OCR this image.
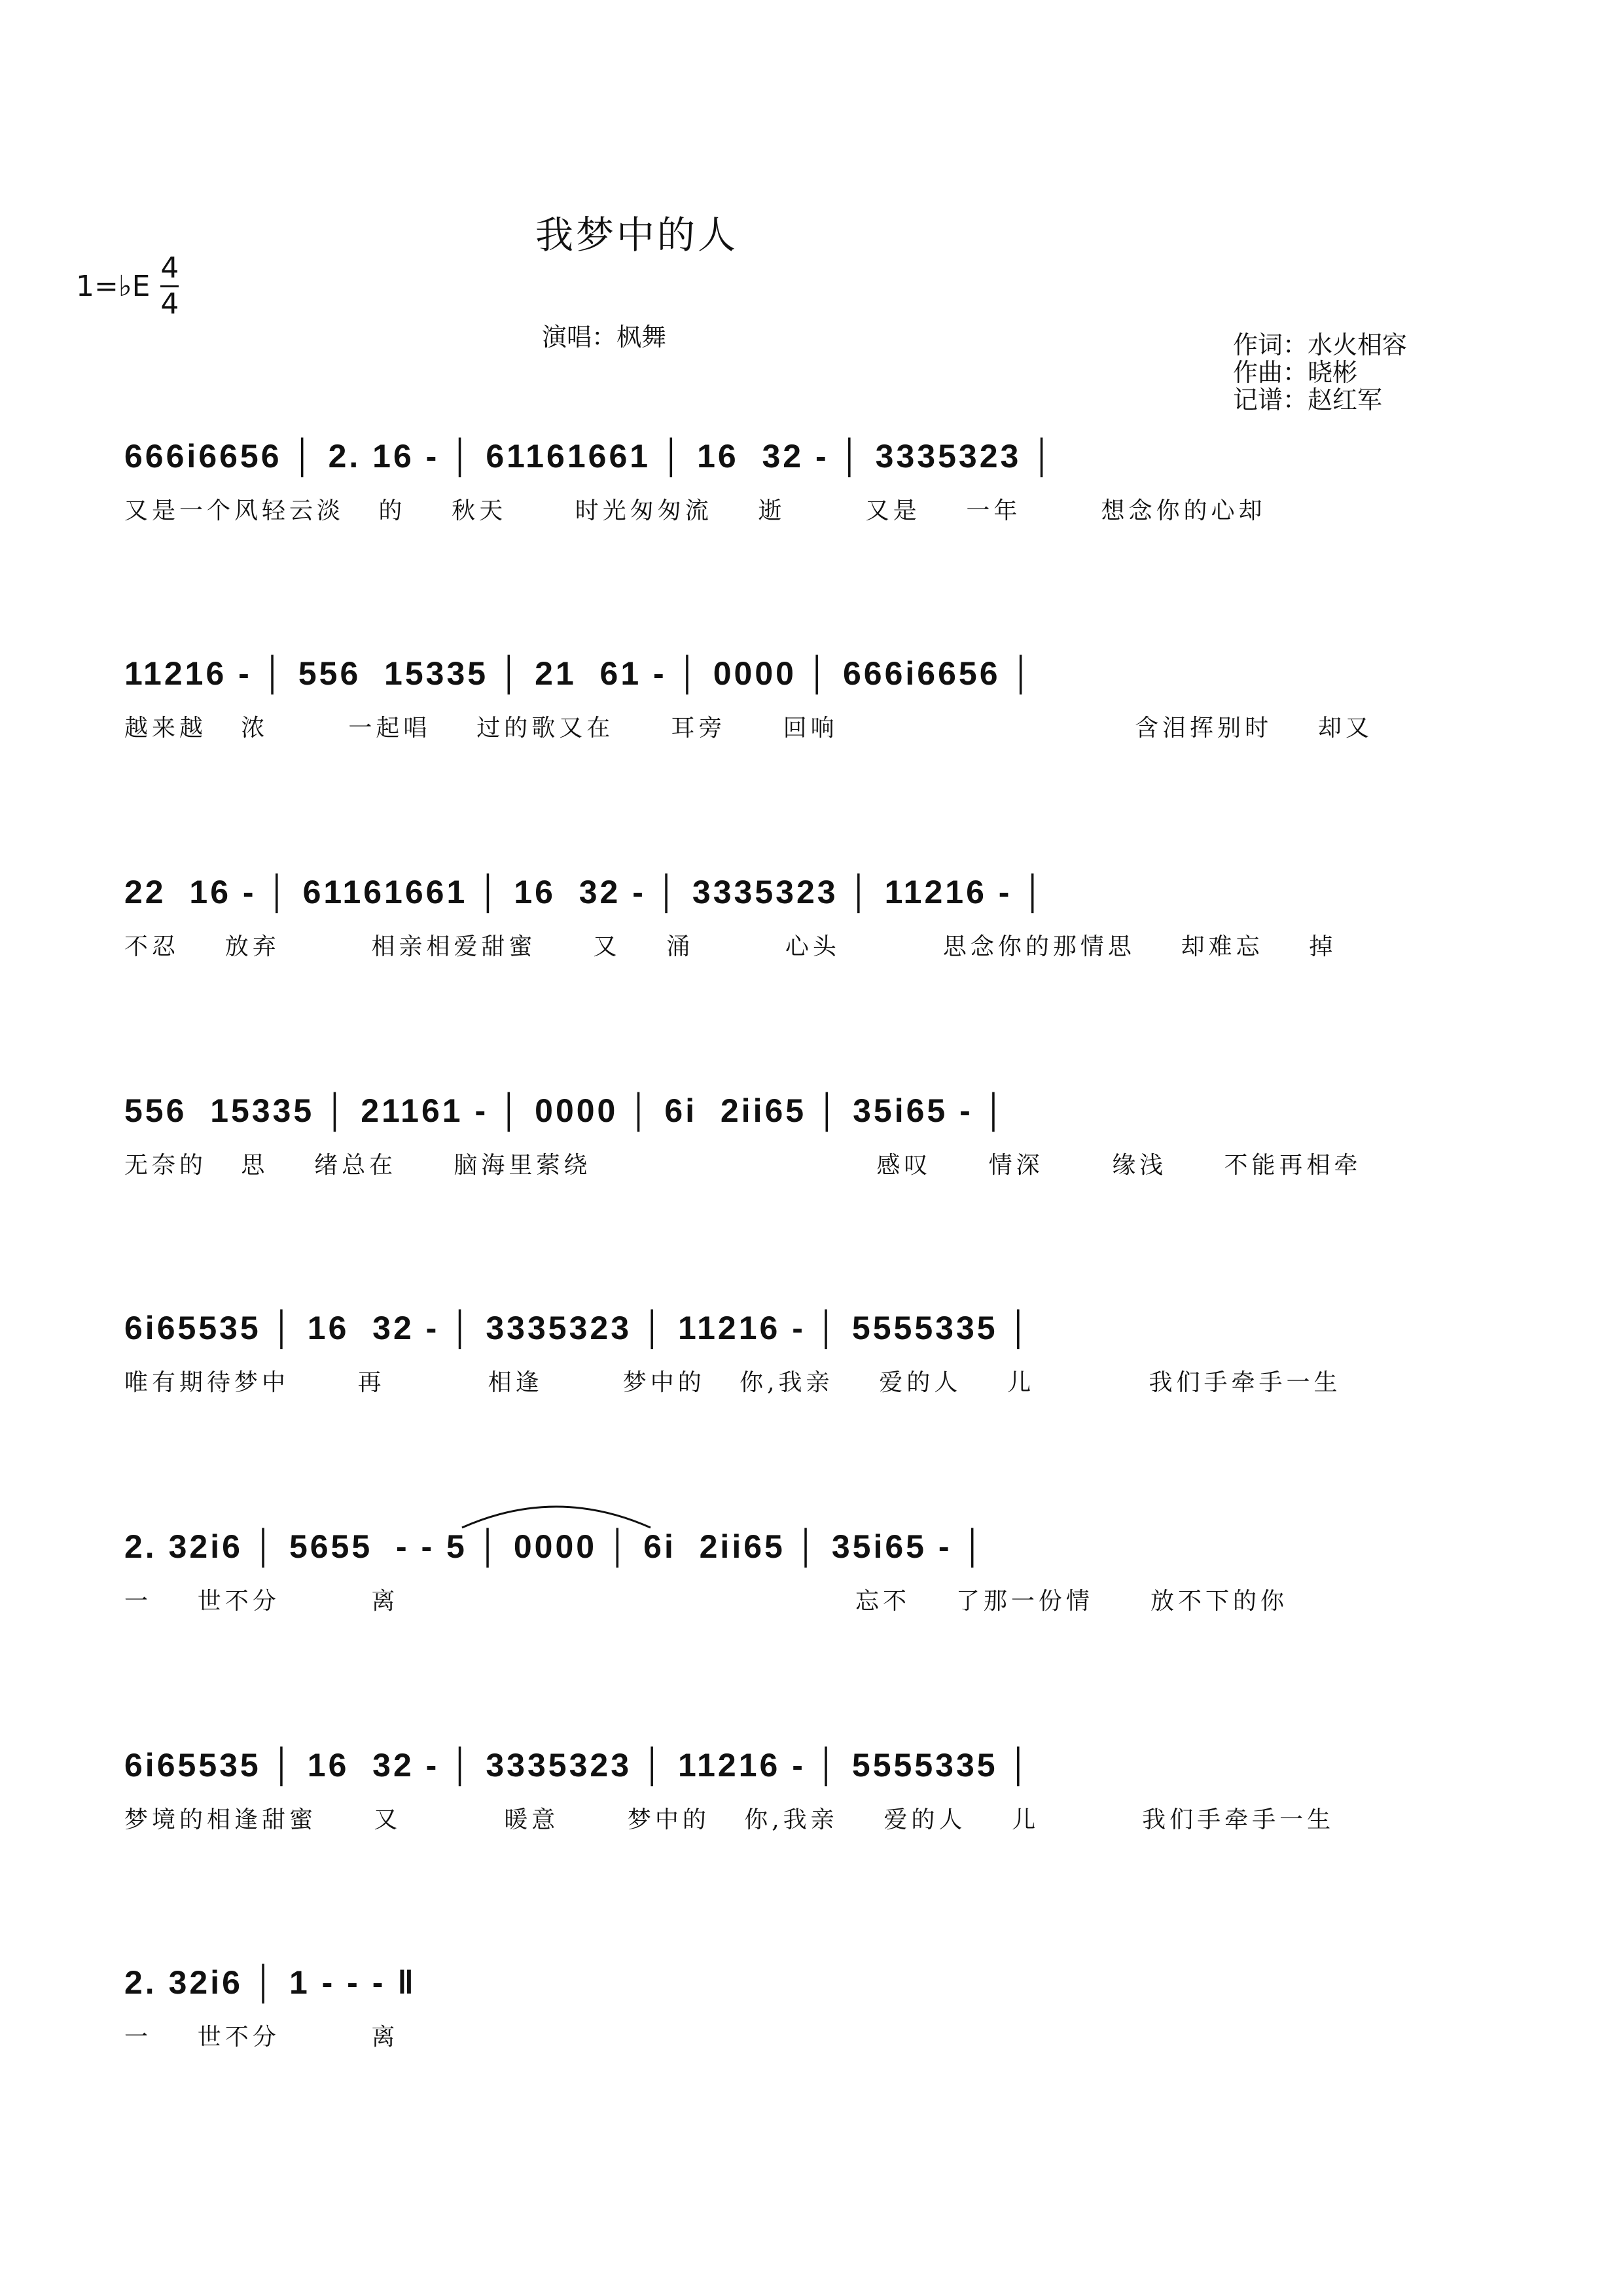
我梦中的人
1=♭E $\frac{4}{4}$
演唱：枫舞	作词：水火相容
作曲：晓彬
记谱：赵红军
666i6656 │ 2. 16 - │ 61161661 │ 16  32 - │ 3335323 │
又是一个风轻云淡   的    秋天      时光匆匆流    逝       又是    一年       想念你的心却
11216 - │ 556  15335 │ 21  61 - │ 0000 │ 666i6656 │
越来越   浓       一起唱    过的歌又在     耳旁     回响                          含泪挥别时    却又
22  16 - │ 61161661 │ 16  32 - │ 3335323 │ 11216 - │
不忍    放弃        相亲相爱甜蜜     又    涌        心头         思念你的那情思    却难忘    掉
556  15335 │ 21161 - │ 0000 │ 6i  2ii65 │ 35i65 - │
无奈的   思    绪总在     脑海里萦绕                         感叹     情深      缘浅     不能再相牵
6i65535 │ 16  32 - │ 3335323 │ 11216 - │ 5555335 │
唯有期待梦中      再         相逢       梦中的   你,我亲    爱的人    儿          我们手牵手一生
2. 32i6 │ 5655  - - 5 │ 0000 │ 6i  2ii65 │ 35i65 - │
一    世不分        离                                        忘不    了那一份情     放不下的你
6i65535 │ 16  32 - │ 3335323 │ 11216 - │ 5555335 │
梦境的相逢甜蜜     又         暖意      梦中的   你,我亲    爱的人    儿         我们手牵手一生
2. 32i6 │ 1 - - - ‖
一    世不分        离
